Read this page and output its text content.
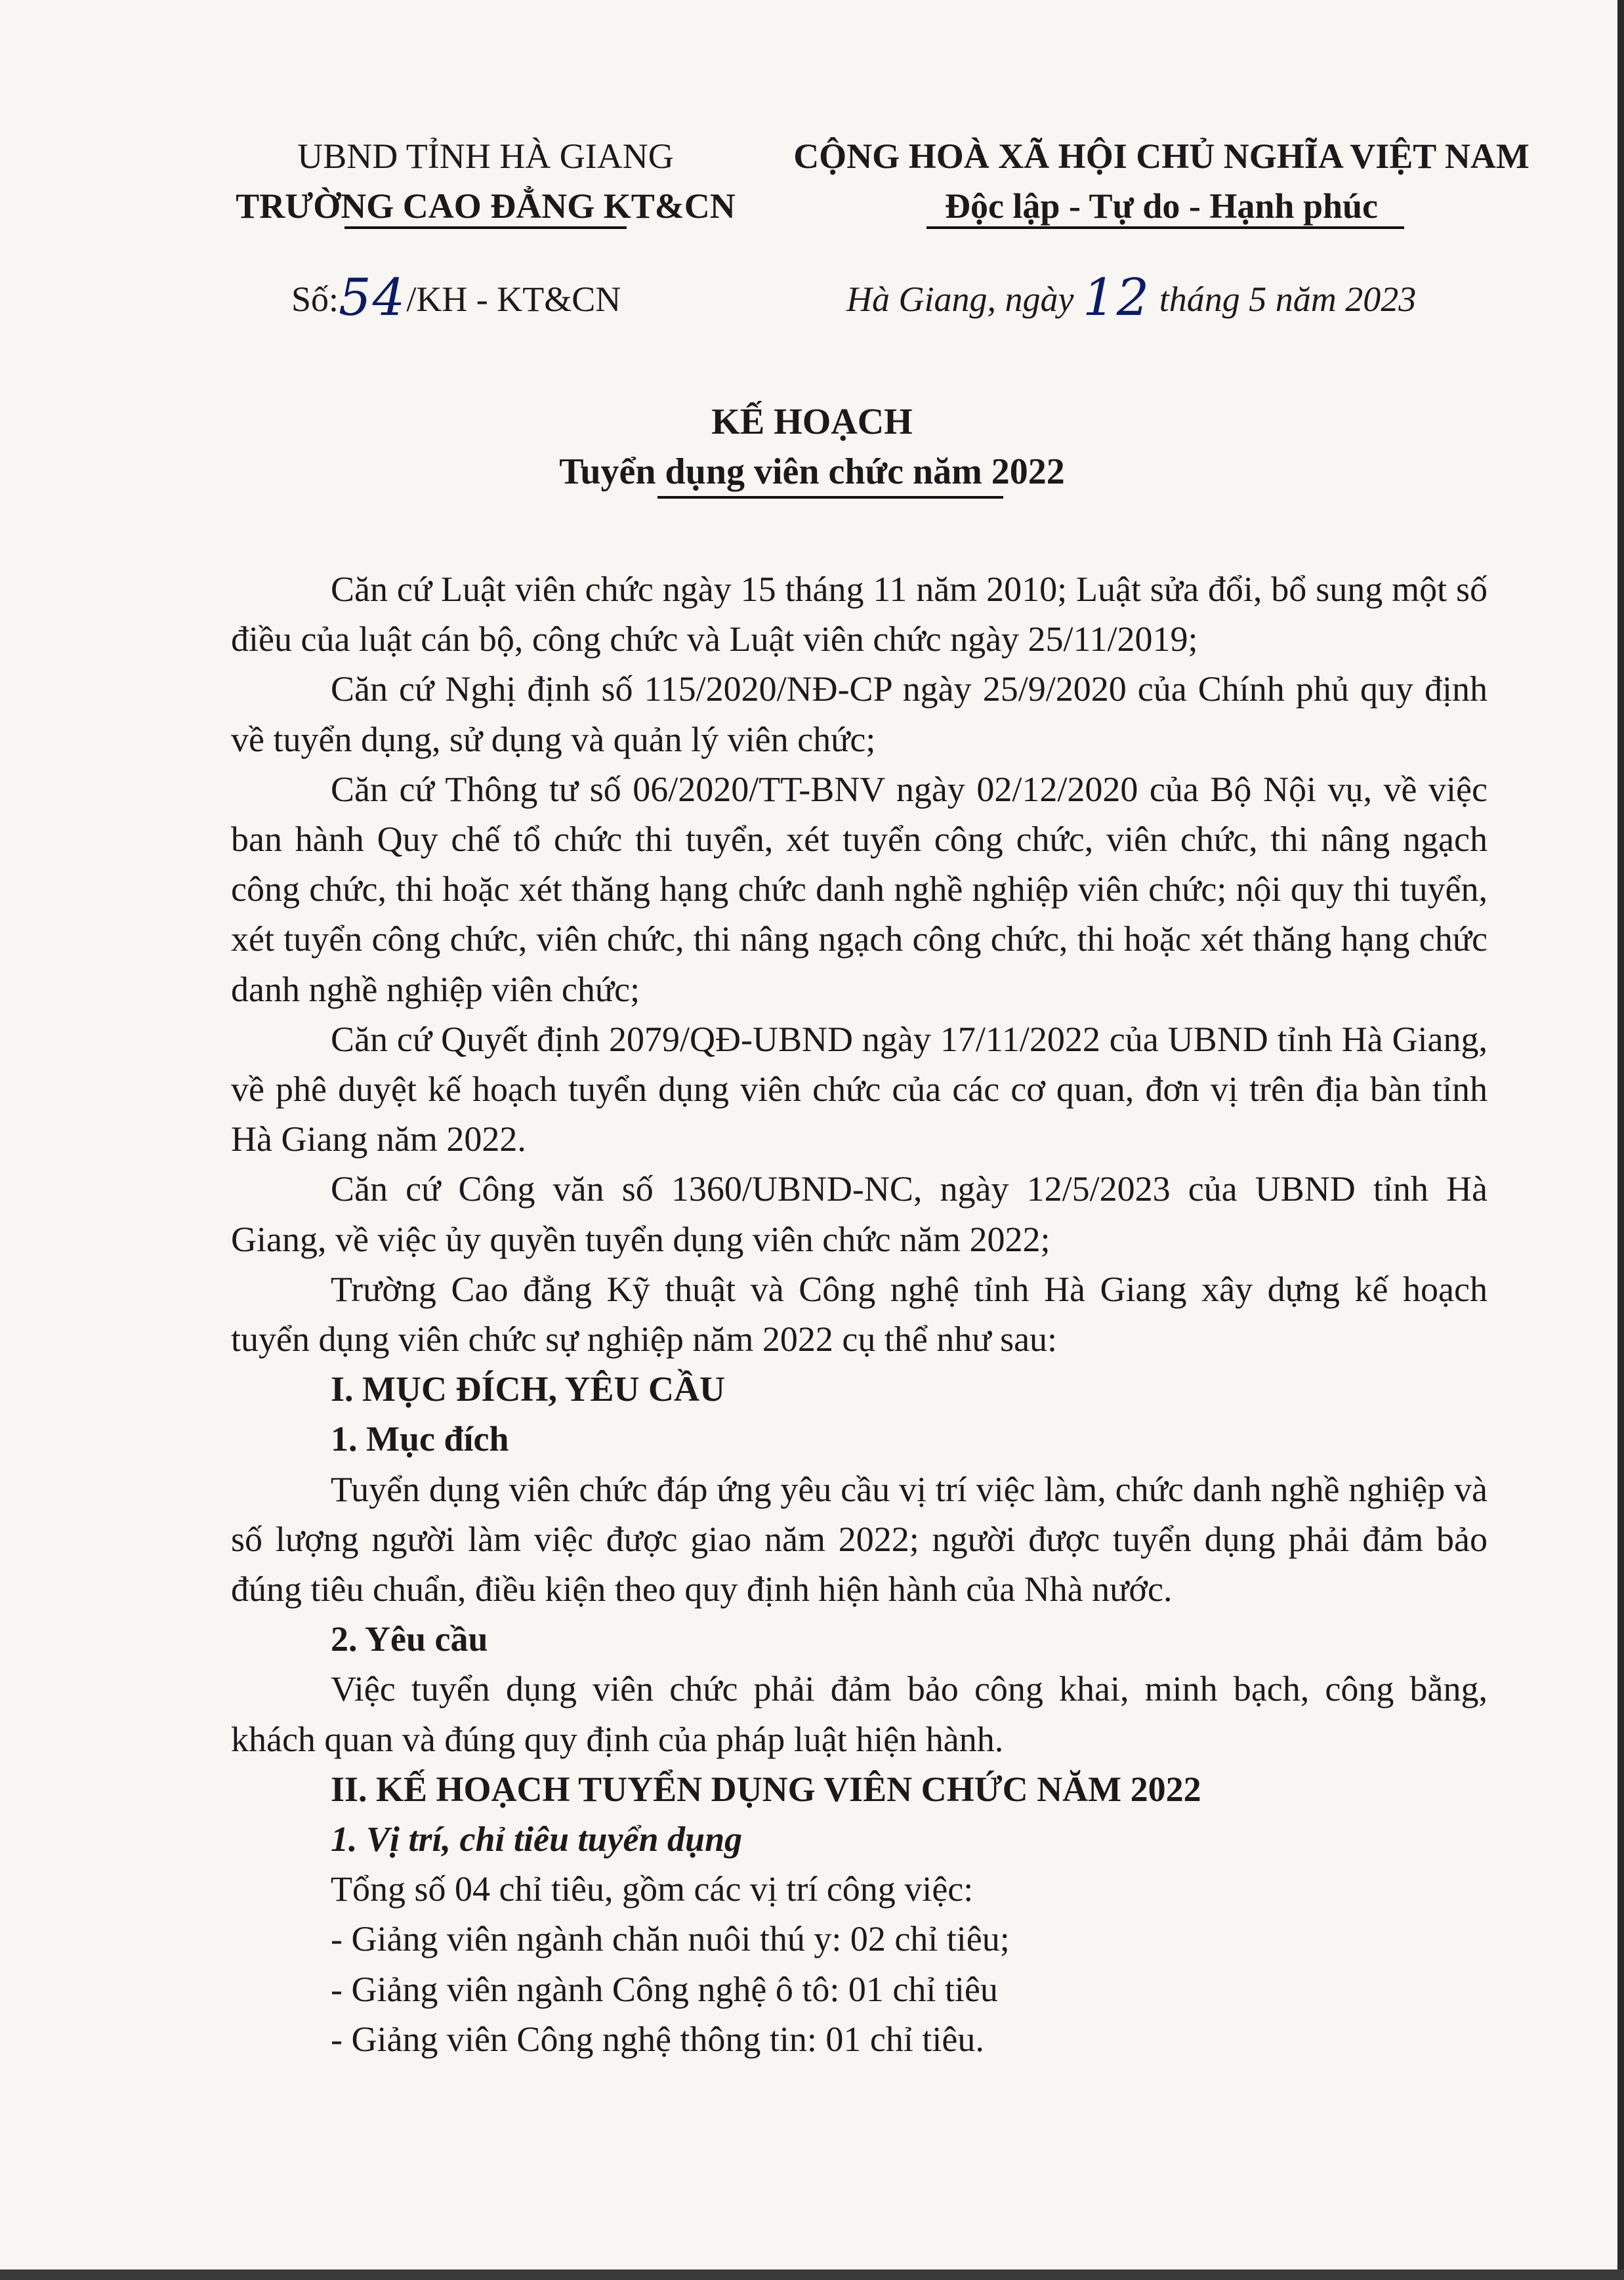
UBND TỈNH HÀ GIANG
TRƯỜNG CAO ĐẲNG KT&CN
CỘNG HOÀ XÃ HỘI CHỦ NGHĨA VIỆT NAM
Độc lập - Tự do - Hạnh phúc
Số:54/KH - KT&CN	Hà Giang, ngày 12 tháng 5 năm 2023
KẾ HOẠCH
Tuyển dụng viên chức năm 2022

Căn cứ Luật viên chức ngày 15 tháng 11 năm 2010; Luật sửa đổi, bổ sung một số điều của luật cán bộ, công chức và Luật viên chức ngày 25/11/2019;

Căn cứ Nghị định số 115/2020/NĐ-CP ngày 25/9/2020 của Chính phủ quy định về tuyển dụng, sử dụng và quản lý viên chức;

Căn cứ Thông tư số 06/2020/TT-BNV ngày 02/12/2020 của Bộ Nội vụ, về việc ban hành Quy chế tổ chức thi tuyển, xét tuyển công chức, viên chức, thi nâng ngạch công chức, thi hoặc xét thăng hạng chức danh nghề nghiệp viên chức; nội quy thi tuyển, xét tuyển công chức, viên chức, thi nâng ngạch công chức, thi hoặc xét thăng hạng chức danh nghề nghiệp viên chức;

Căn cứ Quyết định 2079/QĐ-UBND ngày 17/11/2022 của UBND tỉnh Hà Giang, về phê duyệt kế hoạch tuyển dụng viên chức của các cơ quan, đơn vị trên địa bàn tỉnh Hà Giang năm 2022.

Căn cứ Công văn số 1360/UBND-NC, ngày 12/5/2023 của UBND tỉnh Hà Giang, về việc ủy quyền tuyển dụng viên chức năm 2022;

Trường Cao đẳng Kỹ thuật và Công nghệ tỉnh Hà Giang xây dựng kế hoạch tuyển dụng viên chức sự nghiệp năm 2022 cụ thể như sau:

I. MỤC ĐÍCH, YÊU CẦU
1. Mục đích

Tuyển dụng viên chức đáp ứng yêu cầu vị trí việc làm, chức danh nghề nghiệp và số lượng người làm việc được giao năm 2022; người được tuyển dụng phải đảm bảo đúng tiêu chuẩn, điều kiện theo quy định hiện hành của Nhà nước.

2. Yêu cầu

Việc tuyển dụng viên chức phải đảm bảo công khai, minh bạch, công bằng, khách quan và đúng quy định của pháp luật hiện hành.

II. KẾ HOẠCH TUYỂN DỤNG VIÊN CHỨC NĂM 2022
1. Vị trí, chỉ tiêu tuyển dụng

Tổng số 04 chỉ tiêu, gồm các vị trí công việc:

- Giảng viên ngành chăn nuôi thú y: 02 chỉ tiêu;

- Giảng viên ngành Công nghệ ô tô: 01 chỉ tiêu

- Giảng viên Công nghệ thông tin: 01 chỉ tiêu.
